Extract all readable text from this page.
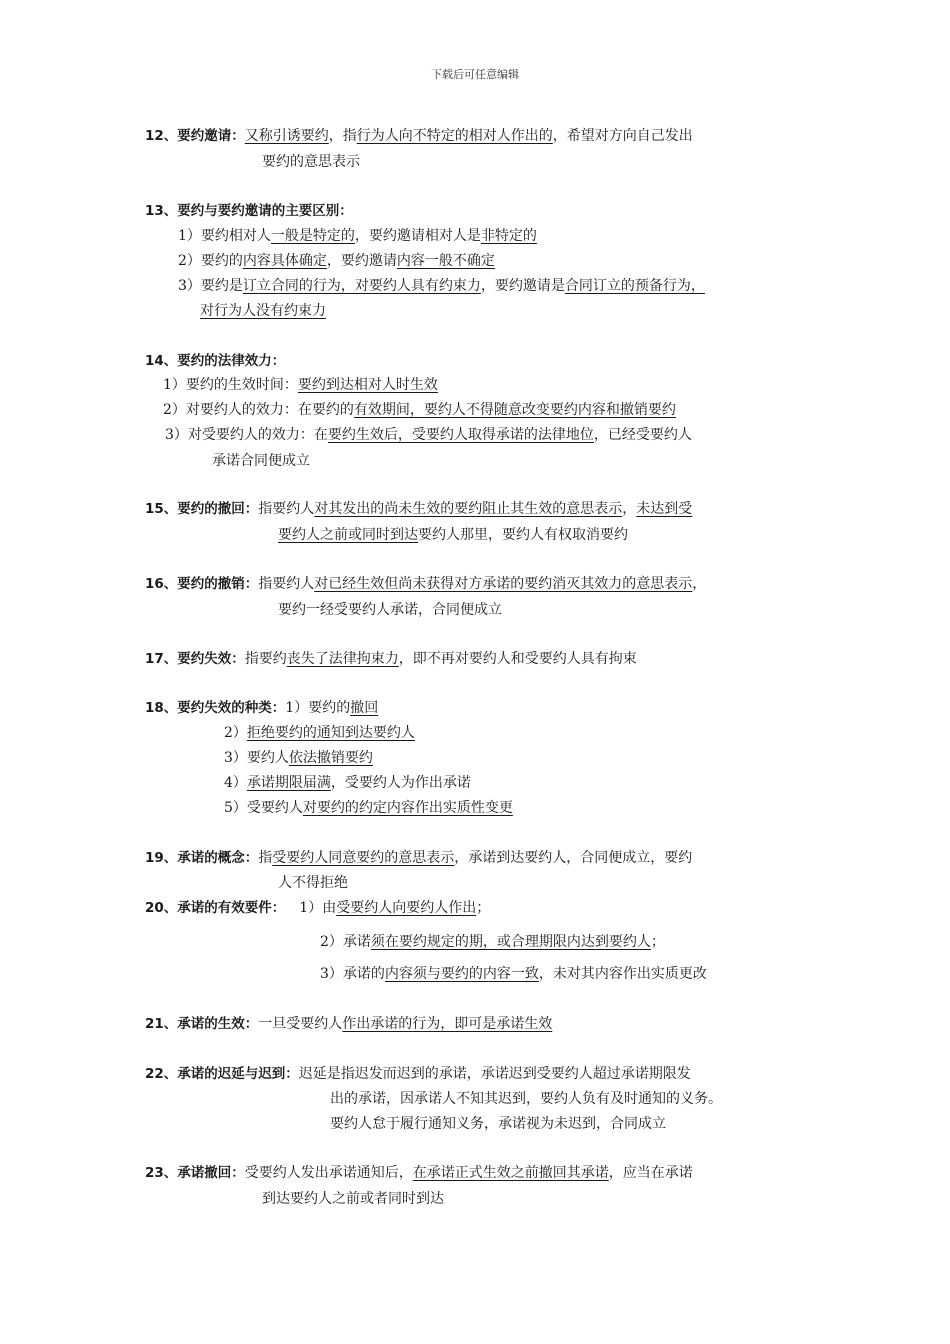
下载后可任意编辑
12、要约邀请：又称引诱要约，指行为人向不特定的相对人作出的，希望对方向自己发出
要约的意思表示
13、要约与要约邀请的主要区别：
1）要约相对人一般是特定的，要约邀请相对人是非特定的
2）要约的内容具体确定，要约邀请内容一般不确定
3）要约是订立合同的行为，对要约人具有约束力，要约邀请是合同订立的预备行为，
对行为人没有约束力
14、要约的法律效力：
1）要约的生效时间：要约到达相对人时生效
2）对要约人的效力：在要约的有效期间，要约人不得随意改变要约内容和撤销要约
3）对受要约人的效力：在要约生效后，受要约人取得承诺的法律地位，已经受要约人
承诺合同便成立
15、要约的撤回：指要约人对其发出的尚未生效的要约阻止其生效的意思表示，未达到受
要约人之前或同时到达要约人那里，要约人有权取消要约
16、要约的撤销：指要约人对已经生效但尚未获得对方承诺的要约消灭其效力的意思表示，
要约一经受要约人承诺，合同便成立
17、要约失效：指要约丧失了法律拘束力，即不再对要约人和受要约人具有拘束
18、要约失效的种类：1）要约的撤回
2）拒绝要约的通知到达要约人
3）要约人依法撤销要约
4）承诺期限届满，受要约人为作出承诺
5）受要约人对要约的约定内容作出实质性变更
19、承诺的概念：指受要约人同意要约的意思表示，承诺到达要约人，合同便成立，要约
人不得拒绝
20、承诺的有效要件： 1）由受要约人向要约人作出；
2）承诺须在要约规定的期，或合理期限内达到要约人；
3）承诺的内容须与要约的内容一致，未对其内容作出实质更改
21、承诺的生效：一旦受要约人作出承诺的行为，即可是承诺生效
22、承诺的迟延与迟到：迟延是指迟发而迟到的承诺，承诺迟到受要约人超过承诺期限发
出的承诺，因承诺人不知其迟到，要约人负有及时通知的义务。
要约人怠于履行通知义务，承诺视为未迟到，合同成立
23、承诺撤回：受要约人发出承诺通知后，在承诺正式生效之前撤回其承诺，应当在承诺
到达要约人之前或者同时到达
